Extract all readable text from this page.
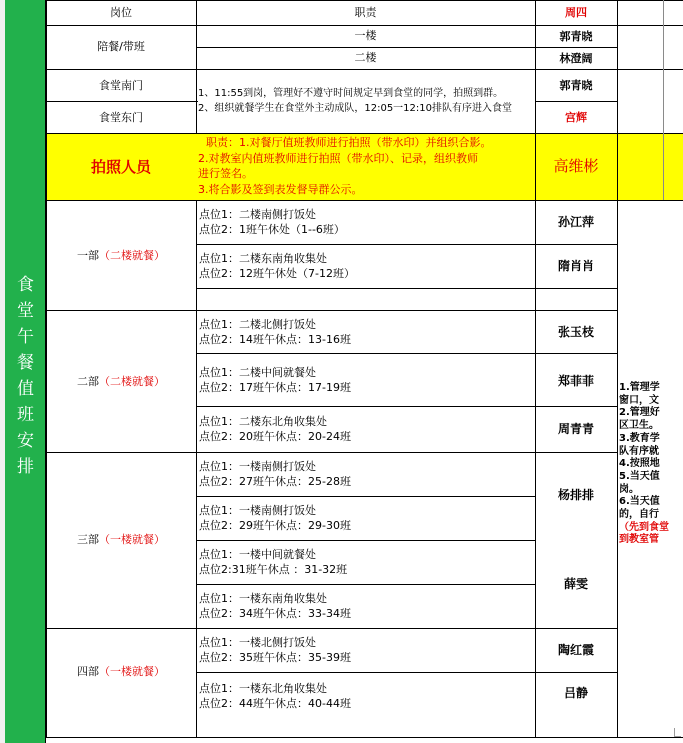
食
堂
午
餐
值
班
安
排
岗位	职责	周四
陪餐/带班
一楼
二楼
郭青晓
林澄阔
食堂南门
食堂东门
1、11:55到岗，管理好不遵守时间规定早到食堂的同学，拍照到群。
2、组织就餐学生在食堂外主动成队，12:05一12:10排队有序进入食堂
郭青晓
宫辉
拍照人员
职责：1.对餐厅值班教师进行拍照（带水印）并组织合影。
2.对教室内值班教师进行拍照（带水印）、记录，组织教师
进行签名。
3.将合影及签到表发督导群公示。
高维彬
一部（二楼就餐）
二部（二楼就餐）
三部（一楼就餐）
四部（一楼就餐）
点位1：二楼南侧打饭处
点位2：1班午休处（1--6班）
点位1：二楼东南角收集处
点位2：12班午休处（7-12班）
点位1：二楼北侧打饭处
点位2：14班午休点：13-16班
点位1：二楼中间就餐处
点位2：17班午休点：17-19班
点位1：二楼东北角收集处
点位2：20班午休点：20-24班
点位1：一楼南侧打饭处
点位2：27班午休点：25-28班
点位1：一楼南侧打饭处
点位2：29班午休点：29-30班
点位1：一楼中间就餐处
点位2:31班午休点 ：31-32班
点位1：一楼东南角收集处
点位2：34班午休点：33-34班
点位1：一楼北侧打饭处
点位2：35班午休点：35-39班
点位1：一楼东北角收集处
点位2：44班午休点：40-44班
孙江萍
隋肖肖
张玉枝
郑菲菲
周青青
杨排排
薛雯
陶红霞
吕静
1.管理学
窗口，文
2.管理好
区卫生。
3.教育学
队有序就
4.按照地
5.当天值
岗。
6.当天值
的，自行
（先到食堂
到教室管
